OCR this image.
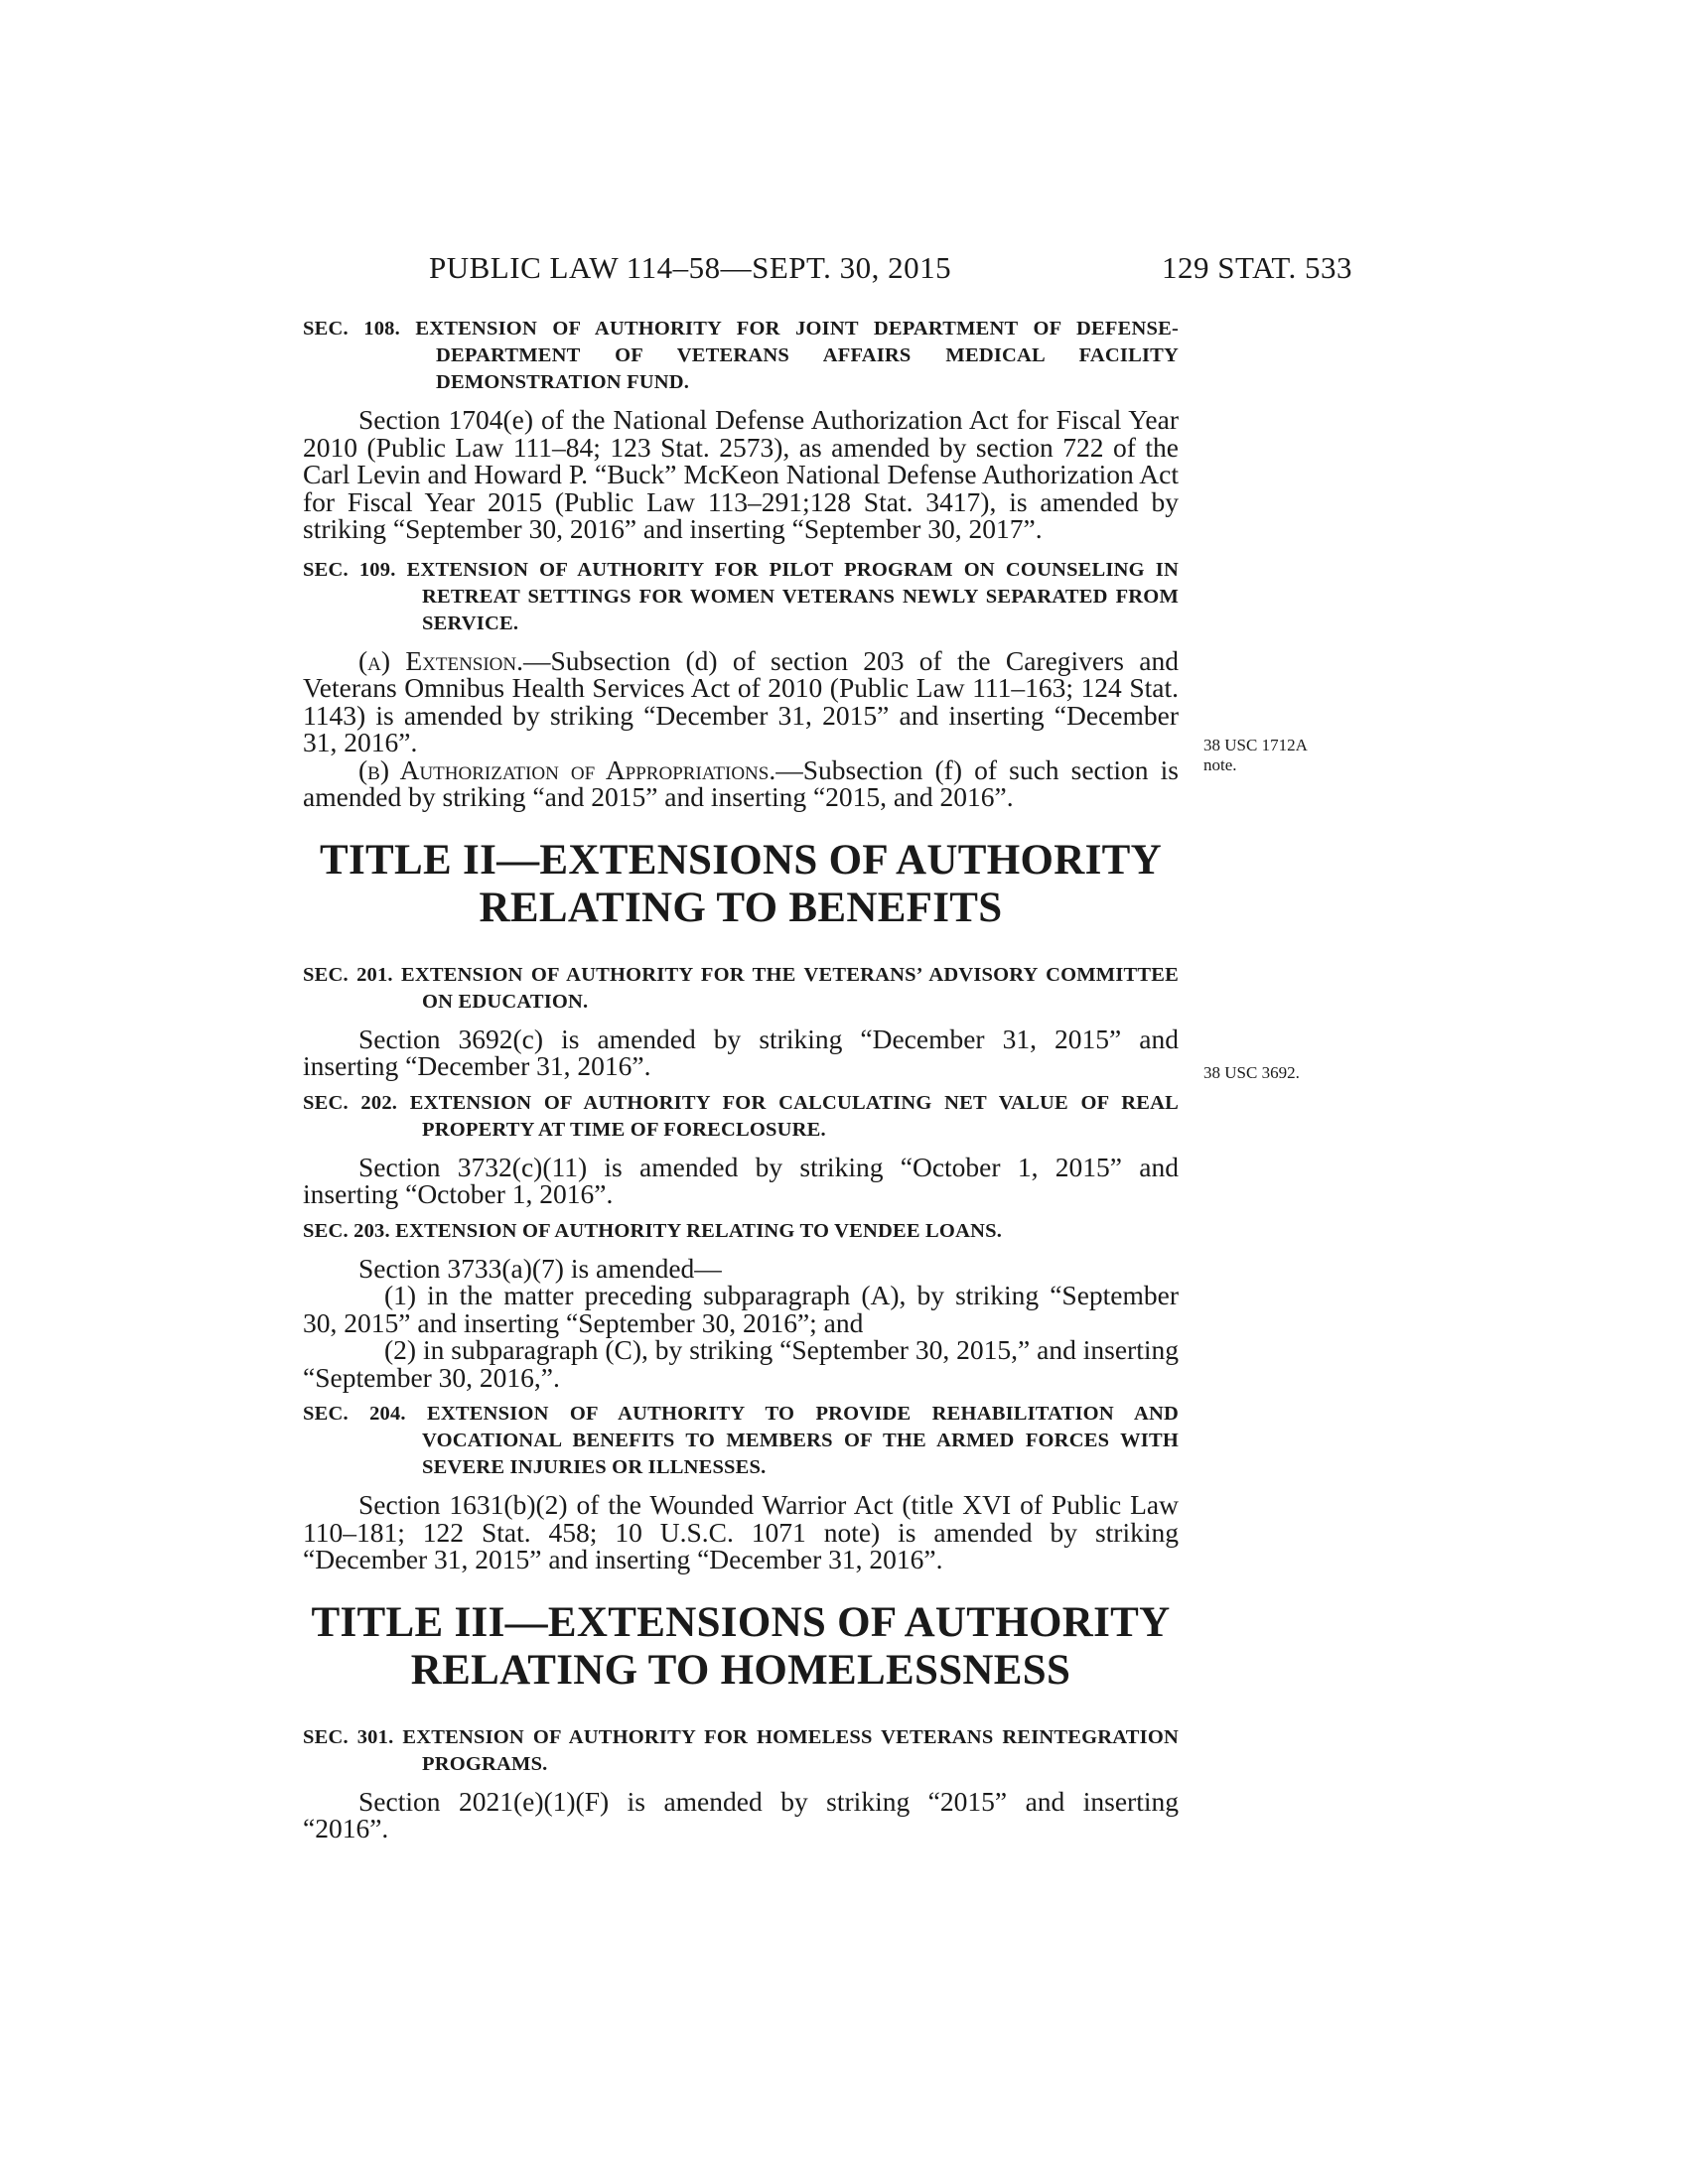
PUBLIC LAW 114–58—SEPT. 30, 2015	129 STAT. 533
SEC. 108. EXTENSION OF AUTHORITY FOR JOINT DEPARTMENT OF DEFENSE-DEPARTMENT OF VETERANS AFFAIRS MEDICAL FACILITY DEMONSTRATION FUND.

Section 1704(e) of the National Defense Authorization Act for Fiscal Year 2010 (Public Law 111–84; 123 Stat. 2573), as amended by section 722 of the Carl Levin and Howard P. “Buck” McKeon National Defense Authorization Act for Fiscal Year 2015 (Public Law 113–291;128 Stat. 3417), is amended by striking “September 30, 2016” and inserting “September 30, 2017”.

SEC. 109. EXTENSION OF AUTHORITY FOR PILOT PROGRAM ON COUNSELING IN RETREAT SETTINGS FOR WOMEN VETERANS NEWLY SEPARATED FROM SERVICE.

(a) Extension.—Subsection (d) of section 203 of the Caregivers and Veterans Omnibus Health Services Act of 2010 (Public Law 111–163; 124 Stat. 1143) is amended by striking “December 31, 2015” and inserting “December 31, 2016”.

(b) Authorization of Appropriations.—Subsection (f) of such section is amended by striking “and 2015” and inserting “2015, and 2016”.

TITLE II—EXTENSIONS OF AUTHORITY
RELATING TO BENEFITS
SEC. 201. EXTENSION OF AUTHORITY FOR THE VETERANS’ ADVISORY COMMITTEE ON EDUCATION.

Section 3692(c) is amended by striking “December 31, 2015” and inserting “December 31, 2016”.

SEC. 202. EXTENSION OF AUTHORITY FOR CALCULATING NET VALUE OF REAL PROPERTY AT TIME OF FORECLOSURE.

Section 3732(c)(11) is amended by striking “October 1, 2015” and inserting “October 1, 2016”.

SEC. 203. EXTENSION OF AUTHORITY RELATING TO VENDEE LOANS.

Section 3733(a)(7) is amended—

(1) in the matter preceding subparagraph (A), by striking “September 30, 2015” and inserting “September 30, 2016”; and

(2) in subparagraph (C), by striking “September 30, 2015,” and inserting “September 30, 2016,”.

SEC. 204. EXTENSION OF AUTHORITY TO PROVIDE REHABILITATION AND VOCATIONAL BENEFITS TO MEMBERS OF THE ARMED FORCES WITH SEVERE INJURIES OR ILLNESSES.

Section 1631(b)(2) of the Wounded Warrior Act (title XVI of Public Law 110–181; 122 Stat. 458; 10 U.S.C. 1071 note) is amended by striking “December 31, 2015” and inserting “December 31, 2016”.

TITLE III—EXTENSIONS OF AUTHORITY
RELATING TO HOMELESSNESS
SEC. 301. EXTENSION OF AUTHORITY FOR HOMELESS VETERANS REINTEGRATION PROGRAMS.

Section 2021(e)(1)(F) is amended by striking “2015” and inserting “2016”.

38 USC 1712A
note.
38 USC 3692.
